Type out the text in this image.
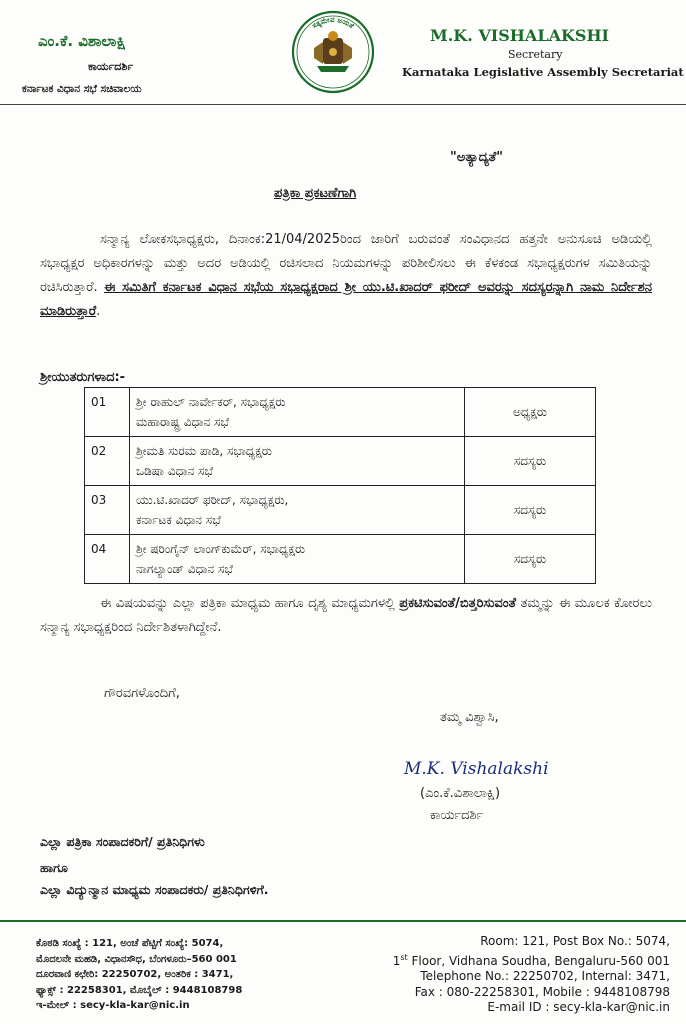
ಎಂ.ಕೆ. ವಿಶಾಲಾಕ್ಷಿ
ಕಾರ್ಯದರ್ಶಿ
ಕರ್ನಾಟಕ ವಿಧಾನ ಸಭೆ ಸಚಿವಾಲಯ
ಸತ್ಯಮೇವ ಜಯತೆ
M.K. VISHALAKSHI
Secretary
Karnataka Legislative Assembly Secretariat
"ಅತ್ಯಾದ್ಯತೆ"
ಪತ್ರಿಕಾ ಪ್ರಕಟಣೆಗಾಗಿ
ಸನ್ಮಾನ್ಯ ಲೋಕಸಭಾಧ್ಯಕ್ಷರು, ದಿನಾಂಕ:21/04/2025ರಿಂದ ಜಾರಿಗೆ ಬರುವಂತೆ ಸಂವಿಧಾನದ ಹತ್ತನೇ ಅನುಸೂಚಿ ಅಡಿಯಲ್ಲಿ ಸಭಾಧ್ಯಕ್ಷರ ಅಧಿಕಾರಗಳನ್ನು ಮತ್ತು ಅದರ ಅಡಿಯಲ್ಲಿ ರಚಿಸಲಾದ ನಿಯಮಗಳನ್ನು ಪರಿಶೀಲಿಸಲು ಈ ಕೆಳಕಂಡ ಸಭಾಧ್ಯಕ್ಷರುಗಳ ಸಮಿತಿಯನ್ನು ರಚಿಸಿರುತ್ತಾರೆ. ಈ ಸಮಿತಿಗೆ ಕರ್ನಾಟಕ ವಿಧಾನ ಸಭೆಯ ಸಭಾಧ್ಯಕ್ಷರಾದ ಶ್ರೀ ಯು.ಟಿ.ಖಾದರ್ ಫರೀದ್ ಅವರನ್ನು ಸದಸ್ಯರನ್ನಾಗಿ ನಾಮ ನಿರ್ದೇಶನ ಮಾಡಿರುತ್ತಾರೆ.
ಶ್ರೀಯುತರುಗಳಾದ:-
01	ಶ್ರೀ ರಾಹುಲ್ ನಾರ್ವೇಕರ್, ಸಭಾಧ್ಯಕ್ಷರು
ಮಹಾರಾಷ್ಟ್ರ ವಿಧಾನ ಸಭೆ	ಅಧ್ಯಕ್ಷರು
02	ಶ್ರೀಮತಿ ಸುರಮ ಪಾಡಿ, ಸಭಾಧ್ಯಕ್ಷರು
ಒಡಿಷಾ ವಿಧಾನ ಸಭೆ	ಸದಸ್ಯರು
03	ಯು.ಟಿ.ಖಾದರ್ ಫರೀದ್, ಸಭಾಧ್ಯಕ್ಷರು,
ಕರ್ನಾಟಕ ವಿಧಾನ ಸಭೆ	ಸದಸ್ಯರು
04	ಶ್ರೀ ಷರಿಂಗೈನ್ ಲಾಂಗ್‌ಕುಮೆರ್, ಸಭಾಧ್ಯಕ್ಷರು
ನಾಗಲ್ಯಾಂಡ್ ವಿಧಾನ ಸಭೆ	ಸದಸ್ಯರು
ಈ ವಿಷಯವನ್ನು ಎಲ್ಲಾ ಪತ್ರಿಕಾ ಮಾಧ್ಯಮ ಹಾಗೂ ದೃಶ್ಯ ಮಾಧ್ಯಮಗಳಲ್ಲಿ ಪ್ರಕಟಿಸುವಂತೆ/ಬಿತ್ತರಿಸುವಂತೆ ತಮ್ಮನ್ನು ಈ ಮೂಲಕ ಕೋರಲು ಸನ್ಮಾನ್ಯ ಸಭಾಧ್ಯಕ್ಷರಿಂದ ನಿರ್ದೇಶಿತಳಾಗಿದ್ದೇನೆ.
ಗೌರವಗಳೊಂದಿಗೆ,
ತಮ್ಮ ವಿಶ್ವಾಸಿ,
M.K. Vishalakshi
(ಎಂ.ಕೆ.ವಿಶಾಲಾಕ್ಷಿ)
ಕಾರ್ಯದರ್ಶಿ
ಎಲ್ಲಾ ಪತ್ರಿಕಾ ಸಂಪಾದಕರಿಗೆ/ ಪ್ರತಿನಿಧಿಗಳು
ಹಾಗೂ
ಎಲ್ಲಾ ವಿದ್ಯುನ್ಮಾನ ಮಾಧ್ಯಮ ಸಂಪಾದಕರು/ ಪ್ರತಿನಿಧಿಗಳಿಗೆ.
ಕೊಠಡಿ ಸಂಖ್ಯೆ : 121, ಅಂಚೆ ಪೆಟ್ಟಿಗೆ ಸಂಖ್ಯೆ: 5074,
ಮೊದಲನೇ ಮಹಡಿ, ವಿಧಾನಸೌಧ, ಬೆಂಗಳೂರು–560 001
ದೂರವಾಣಿ ಕಛೇರಿ: 22250702, ಅಂತರಿಕ : 3471,
ಫ್ಯಾಕ್ಸ್ : 22258301, ಮೊಬೈಲ್ : 9448108798
ಇ-ಮೇಲ್ : secy-kla-kar@nic.in
Room: 121, Post Box No.: 5074,
1st Floor, Vidhana Soudha, Bengaluru-560 001
Telephone No.: 22250702, Internal: 3471,
Fax : 080-22258301, Mobile : 9448108798
E-mail ID : secy-kla-kar@nic.in
